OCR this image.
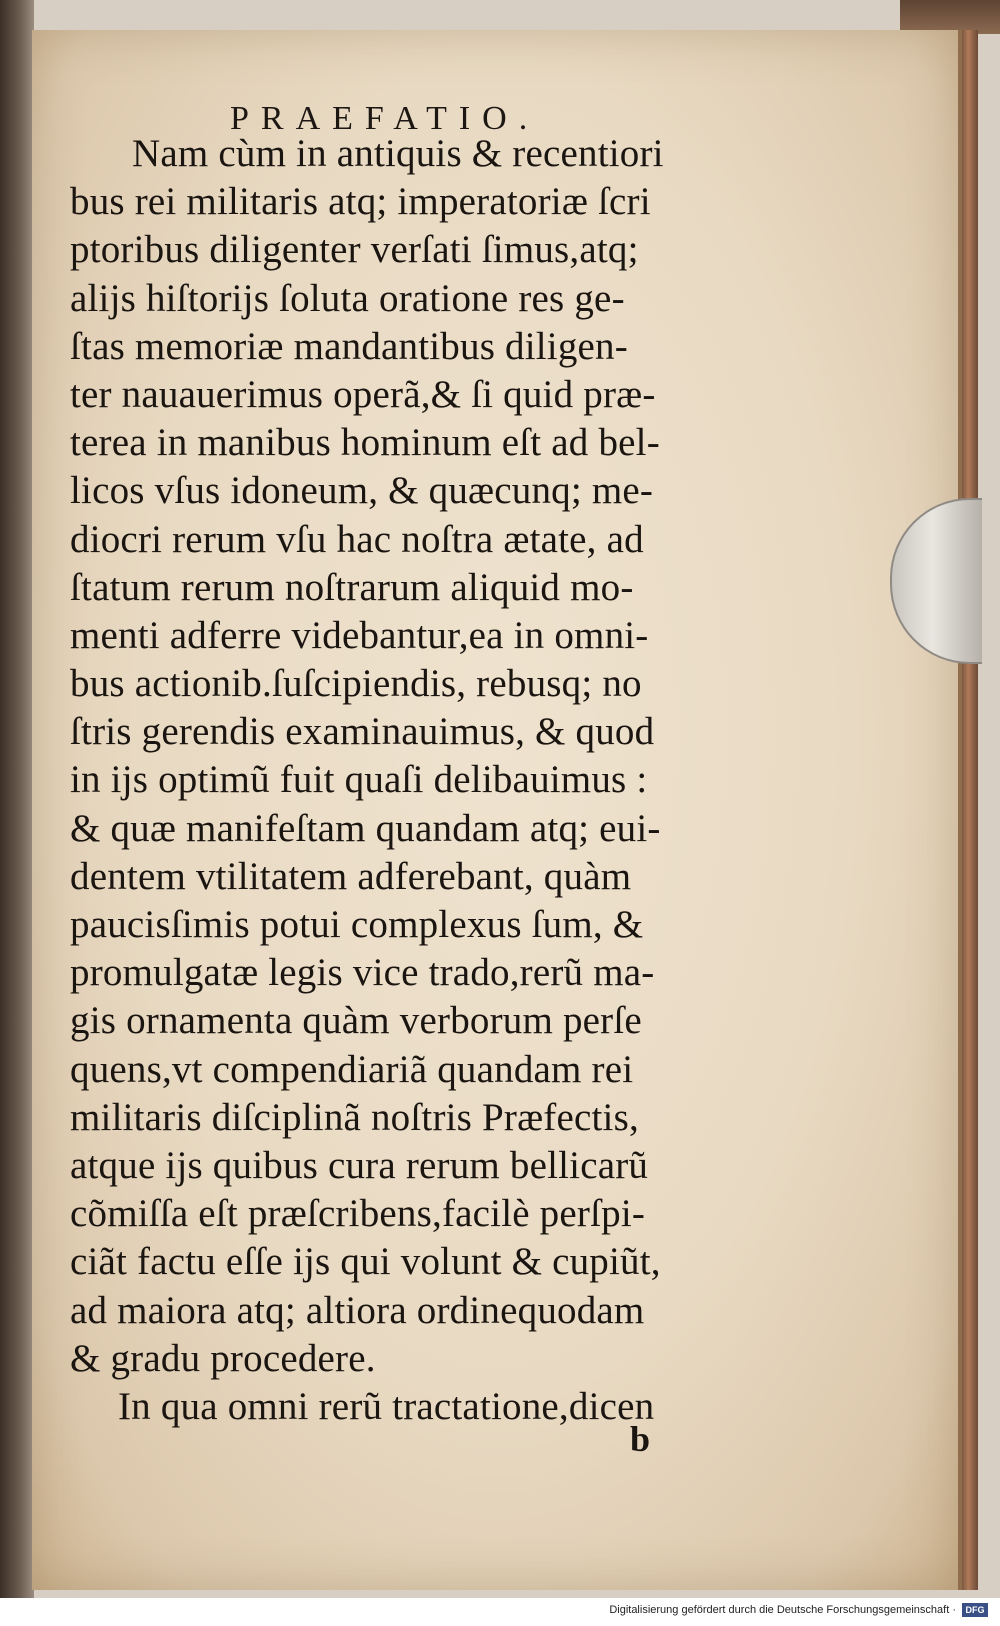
PRAEFATIO.
Nam cùm in antiquis & recentiori
bus rei militaris atq; imperatoriæ ſcri
ptoribus diligenter verſati ſimus,atq;
alijs hiſtorijs ſoluta oratione res ge-
ſtas memoriæ mandantibus diligen-
ter nauauerimus operã,& ſi quid præ-
terea in manibus hominum eſt ad bel-
licos vſus idoneum, & quæcunq; me-
diocri rerum vſu hac noſtra ætate, ad
ſtatum rerum noſtrarum aliquid mo-
menti adferre videbantur,ea in omni-
bus actionib.ſuſcipiendis, rebusq; no
ſtris gerendis examinauimus, & quod
in ijs optimũ fuit quaſi delibauimus :
& quæ manifeſtam quandam atq; eui-
dentem vtilitatem adferebant, quàm
paucisſimis potui complexus ſum, &
promulgatæ legis vice trado,rerũ ma-
gis ornamenta quàm verborum perſe
quens,vt compendiariã quandam rei
militaris diſciplinã noſtris Præfectis,
atque ijs quibus cura rerum bellicarũ
cõmiſſa eſt præſcribens,facilè perſpi-
ciãt factu eſſe ijs qui volunt & cupiũt,
ad maiora atq; altiora ordinequodam
& gradu procedere.
In qua omni rerũ tractatione,dicen
b
Digitalisierung gefördert durch die Deutsche Forschungsgemeinschaft ·	DFG
